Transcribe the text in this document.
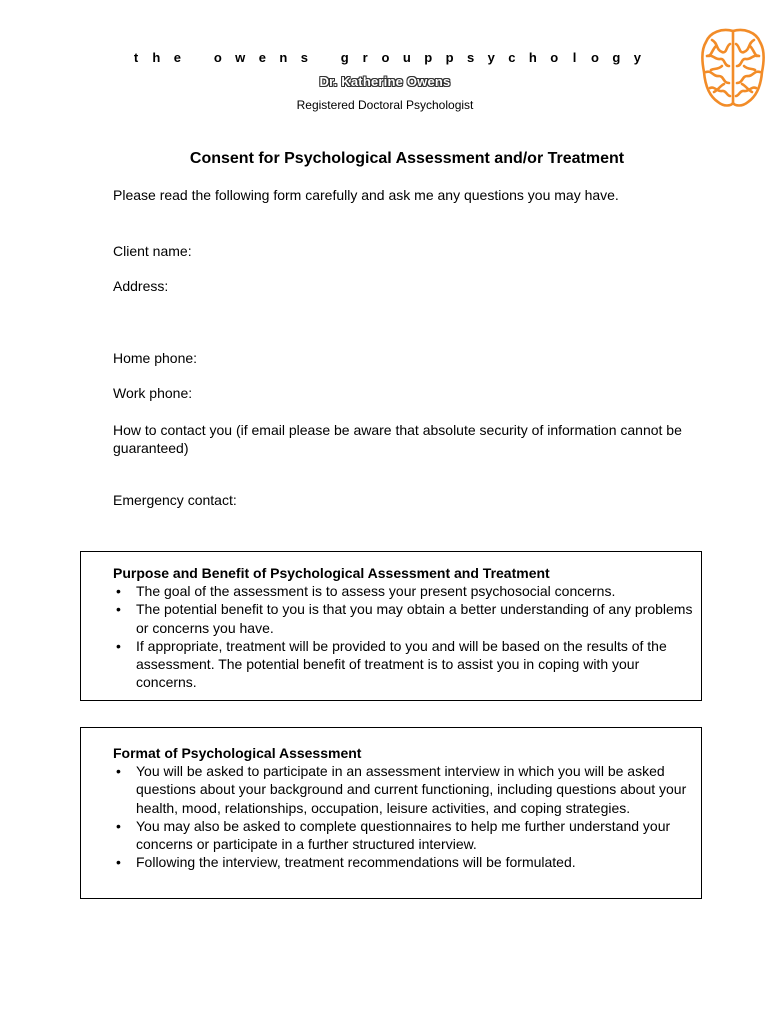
t h e	o w e n s	g r o u p p s y c h o l o g y
Dr. Katherine Owens
Registered Doctoral Psychologist
Consent for Psychological Assessment and/or Treatment
Please read the following form carefully and ask me any questions you may have.
Client name:
Address:
Home phone:
Work phone:
How to contact you (if email please be aware that absolute security of information cannot be guaranteed)
Emergency contact:
Purpose and Benefit of Psychological Assessment and Treatment
• The goal of the assessment is to assess your present psychosocial concerns.
• The potential benefit to you is that you may obtain a better understanding of any problems or concerns you have.
• If appropriate, treatment will be provided to you and will be based on the results of the assessment. The potential benefit of treatment is to assist you in coping with your concerns.
Format of Psychological Assessment
• You will be asked to participate in an assessment interview in which you will be asked questions about your background and current functioning, including questions about your health, mood, relationships, occupation, leisure activities, and coping strategies.
• You may also be asked to complete questionnaires to help me further understand your concerns or participate in a further structured interview.
• Following the interview, treatment recommendations will be formulated.
